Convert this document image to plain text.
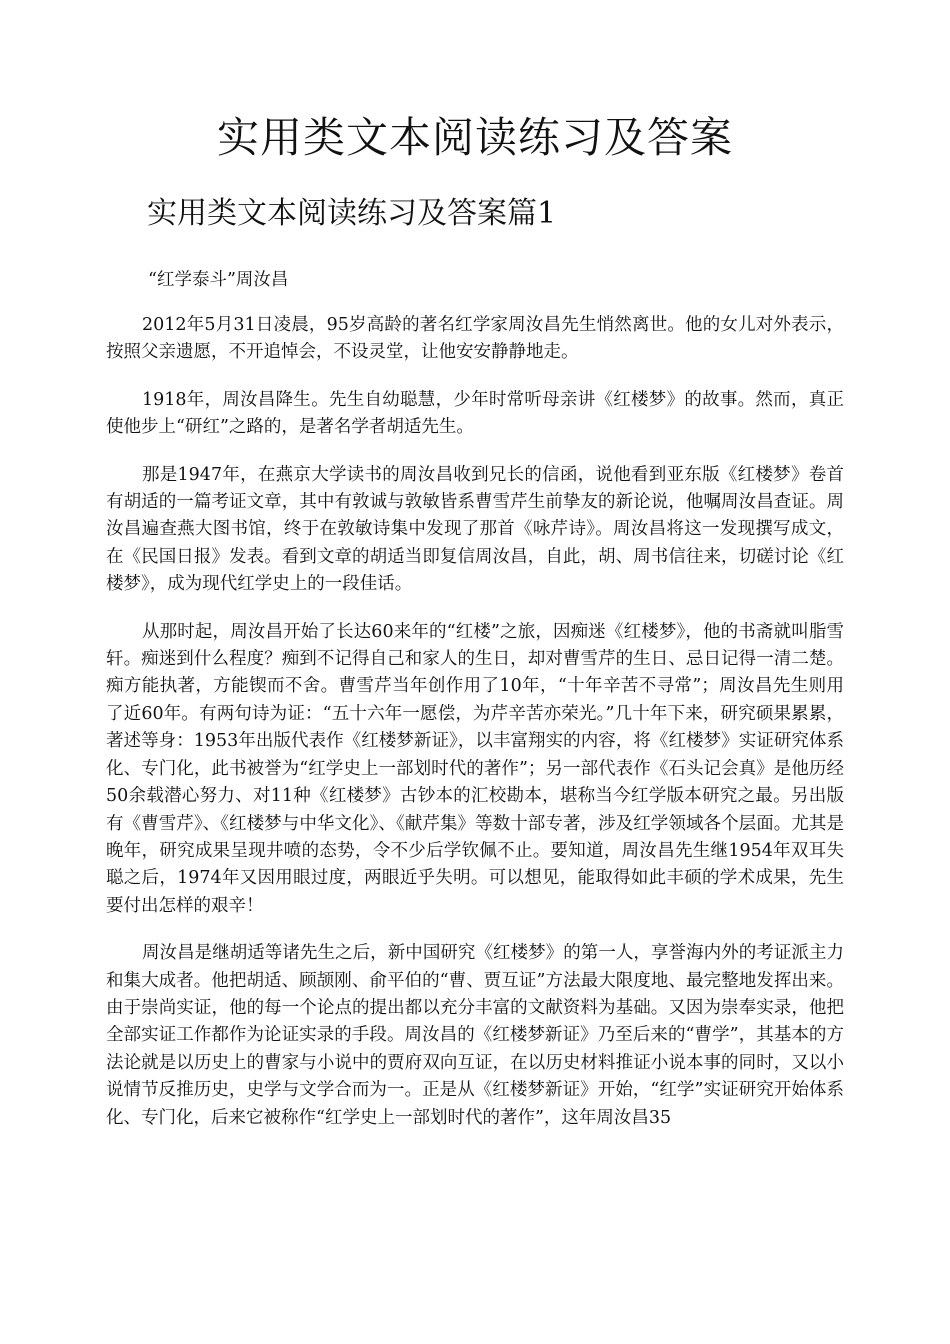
实用类文本阅读练习及答案
实用类文本阅读练习及答案篇1
“红学泰斗”周汝昌

2012年5月31日凌晨，95岁高龄的著名红学家周汝昌先生悄然离世。他的女儿对外表示，按照父亲遗愿，不开追悼会，不设灵堂，让他安安静静地走。

1918年，周汝昌降生。先生自幼聪慧，少年时常听母亲讲《红楼梦》的故事。然而，真正使他步上“研红”之路的，是著名学者胡适先生。

那是1947年，在燕京大学读书的周汝昌收到兄长的信函，说他看到亚东版《红楼梦》卷首有胡适的一篇考证文章，其中有敦诚与敦敏皆系曹雪芹生前挚友的新论说，他嘱周汝昌查证。周汝昌遍查燕大图书馆，终于在敦敏诗集中发现了那首《咏芹诗》。周汝昌将这一发现撰写成文，在《民国日报》发表。看到文章的胡适当即复信周汝昌，自此，胡、周书信往来，切磋讨论《红楼梦》，成为现代红学史上的一段佳话。

从那时起，周汝昌开始了长达60来年的“红楼”之旅，因痴迷《红楼梦》，他的书斋就叫脂雪轩。痴迷到什么程度？痴到不记得自己和家人的生日，却对曹雪芹的生日、忌日记得一清二楚。痴方能执著，方能锲而不舍。曹雪芹当年创作用了10年，“十年辛苦不寻常”；周汝昌先生则用了近60年。有两句诗为证：“五十六年一愿偿，为芹辛苦亦荣光。”几十年下来，研究硕果累累，著述等身：1953年出版代表作《红楼梦新证》，以丰富翔实的内容，将《红楼梦》实证研究体系化、专门化，此书被誉为“红学史上一部划时代的著作”；另一部代表作《石头记会真》是他历经50余载潜心努力、对11种《红楼梦》古钞本的汇校勘本，堪称当今红学版本研究之最。另出版有《曹雪芹》、《红楼梦与中华文化》、《献芹集》等数十部专著，涉及红学领域各个层面。尤其是晚年，研究成果呈现井喷的态势，令不少后学钦佩不止。要知道，周汝昌先生继1954年双耳失聪之后，1974年又因用眼过度，两眼近乎失明。可以想见，能取得如此丰硕的学术成果，先生要付出怎样的艰辛！

周汝昌是继胡适等诸先生之后，新中国研究《红楼梦》的第一人，享誉海内外的考证派主力和集大成者。他把胡适、顾颉刚、俞平伯的“曹、贾互证”方法最大限度地、最完整地发挥出来。由于崇尚实证，他的每一个论点的提出都以充分丰富的文献资料为基础。又因为崇奉实录，他把全部实证工作都作为论证实录的手段。周汝昌的《红楼梦新证》乃至后来的“曹学”，其基本的方法论就是以历史上的曹家与小说中的贾府双向互证，在以历史材料推证小说本事的同时，又以小说情节反推历史，史学与文学合而为一。正是从《红楼梦新证》开始，“红学”实证研究开始体系化、专门化，后来它被称作“红学史上一部划时代的著作”，这年周汝昌35
